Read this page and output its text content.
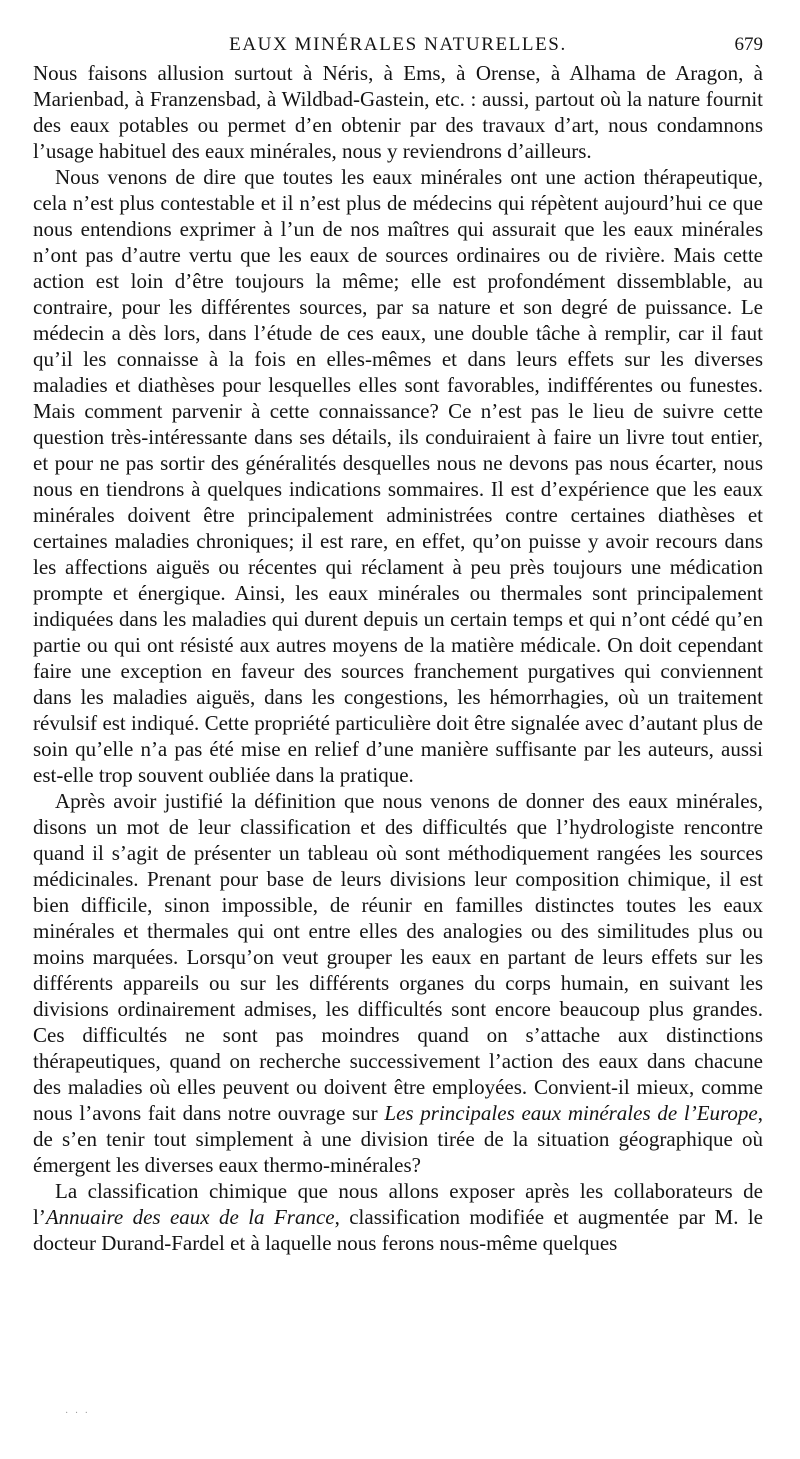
EAUX MINÉRALES NATURELLES.	679

Nous faisons allusion surtout à Néris, à Ems, à Orense, à Alhama de Aragon, à Marienbad, à Franzensbad, à Wildbad-Gastein, etc. : aussi, partout où la nature fournit des eaux potables ou permet d’en obtenir par des travaux d’art, nous condamnons l’usage habituel des eaux minérales, nous y reviendrons d’ailleurs.

Nous venons de dire que toutes les eaux minérales ont une action thérapeutique, cela n’est plus contestable et il n’est plus de médecins qui répètent aujourd’hui ce que nous entendions exprimer à l’un de nos maîtres qui assurait que les eaux minérales n’ont pas d’autre vertu que les eaux de sources ordinaires ou de rivière. Mais cette action est loin d’être toujours la même; elle est profondément dissemblable, au contraire, pour les différentes sources, par sa nature et son degré de puissance. Le médecin a dès lors, dans l’étude de ces eaux, une double tâche à remplir, car il faut qu’il les connaisse à la fois en elles-mêmes et dans leurs effets sur les diverses maladies et diathèses pour lesquelles elles sont favorables, indifférentes ou funestes. Mais comment parvenir à cette connaissance? Ce n’est pas le lieu de suivre cette question très-intéressante dans ses détails, ils conduiraient à faire un livre tout entier, et pour ne pas sortir des généralités desquelles nous ne devons pas nous écarter, nous nous en tiendrons à quelques indications sommaires. Il est d’expérience que les eaux minérales doivent être principalement administrées contre certaines diathèses et certaines maladies chroniques; il est rare, en effet, qu’on puisse y avoir recours dans les affections aiguës ou récentes qui réclament à peu près toujours une médication prompte et énergique. Ainsi, les eaux minérales ou thermales sont principalement indiquées dans les maladies qui durent depuis un certain temps et qui n’ont cédé qu’en partie ou qui ont résisté aux autres moyens de la matière médicale. On doit cependant faire une exception en faveur des sources franchement purgatives qui conviennent dans les maladies aiguës, dans les congestions, les hémorrhagies, où un traitement révulsif est indiqué. Cette propriété particulière doit être signalée avec d’autant plus de soin qu’elle n’a pas été mise en relief d’une manière suffisante par les auteurs, aussi est-elle trop souvent oubliée dans la pratique.

Après avoir justifié la définition que nous venons de donner des eaux minérales, disons un mot de leur classification et des difficultés que l’hydrologiste rencontre quand il s’agit de présenter un tableau où sont méthodiquement rangées les sources médicinales. Prenant pour base de leurs divisions leur composition chimique, il est bien difficile, sinon impossible, de réunir en familles distinctes toutes les eaux minérales et thermales qui ont entre elles des analogies ou des similitudes plus ou moins marquées. Lorsqu’on veut grouper les eaux en partant de leurs effets sur les différents appareils ou sur les différents organes du corps humain, en suivant les divisions ordinairement admises, les difficultés sont encore beaucoup plus grandes. Ces difficultés ne sont pas moindres quand on s’attache aux distinctions thérapeutiques, quand on recherche successivement l’action des eaux dans chacune des maladies où elles peuvent ou doivent être employées. Convient-il mieux, comme nous l’avons fait dans notre ouvrage sur Les principales eaux minérales de l’Europe, de s’en tenir tout simplement à une division tirée de la situation géographique où émergent les diverses eaux thermo-minérales?

La classification chimique que nous allons exposer après les collaborateurs de l’Annuaire des eaux de la France, classification modifiée et augmentée par M. le docteur Durand-Fardel et à laquelle nous ferons nous-même quelques

· · ·
